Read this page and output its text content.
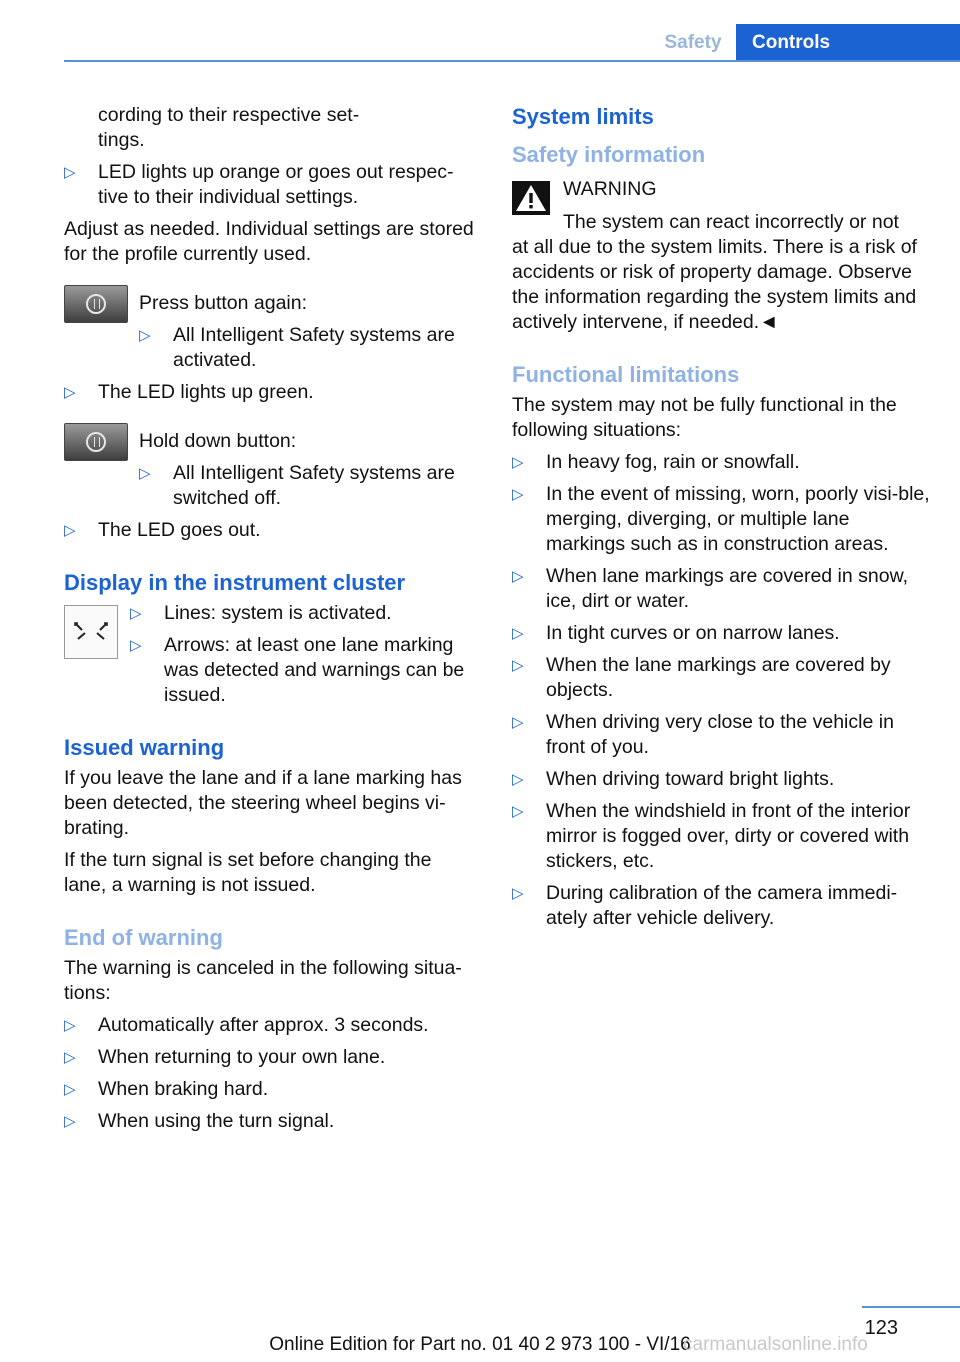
Safety	Controls
cording to their respective set-
tings.
▷ LED lights up orange or goes out respec-tive to their individual settings.

Adjust as needed. Individual settings are stored for the profile currently used.

Press button again:
▷ All Intelligent Safety systems are activated.
▷ The LED lights up green.
Hold down button:
▷ All Intelligent Safety systems are switched off.
▷ The LED goes out.
Display in the instrument cluster
▷ Lines: system is activated.
▷ Arrows: at least one lane marking was detected and warnings can be issued.
Issued warning

If you leave the lane and if a lane marking has been detected, the steering wheel begins vi-brating.

If the turn signal is set before changing the lane, a warning is not issued.

End of warning

The warning is canceled in the following situa-tions:

▷ Automatically after approx. 3 seconds.
▷ When returning to your own lane.
▷ When braking hard.
▷ When using the turn signal.
System limits
Safety information
WARNING
The system can react incorrectly or not

at all due to the system limits. There is a risk of accidents or risk of property damage. Observe the information regarding the system limits and actively intervene, if needed.◄

Functional limitations

The system may not be fully functional in the following situations:

▷ In heavy fog, rain or snowfall.
▷ In the event of missing, worn, poorly visi-ble, merging, diverging, or multiple lane markings such as in construction areas.
▷ When lane markings are covered in snow, ice, dirt or water.
▷ In tight curves or on narrow lanes.
▷ When the lane markings are covered by objects.
▷ When driving very close to the vehicle in front of you.
▷ When driving toward bright lights.
▷ When the windshield in front of the interior mirror is fogged over, dirty or covered with stickers, etc.
▷ During calibration of the camera immedi-ately after vehicle delivery.
123
Online Edition for Part no. 01 40 2 973 100 - VI/16
carmanualsonline.info
